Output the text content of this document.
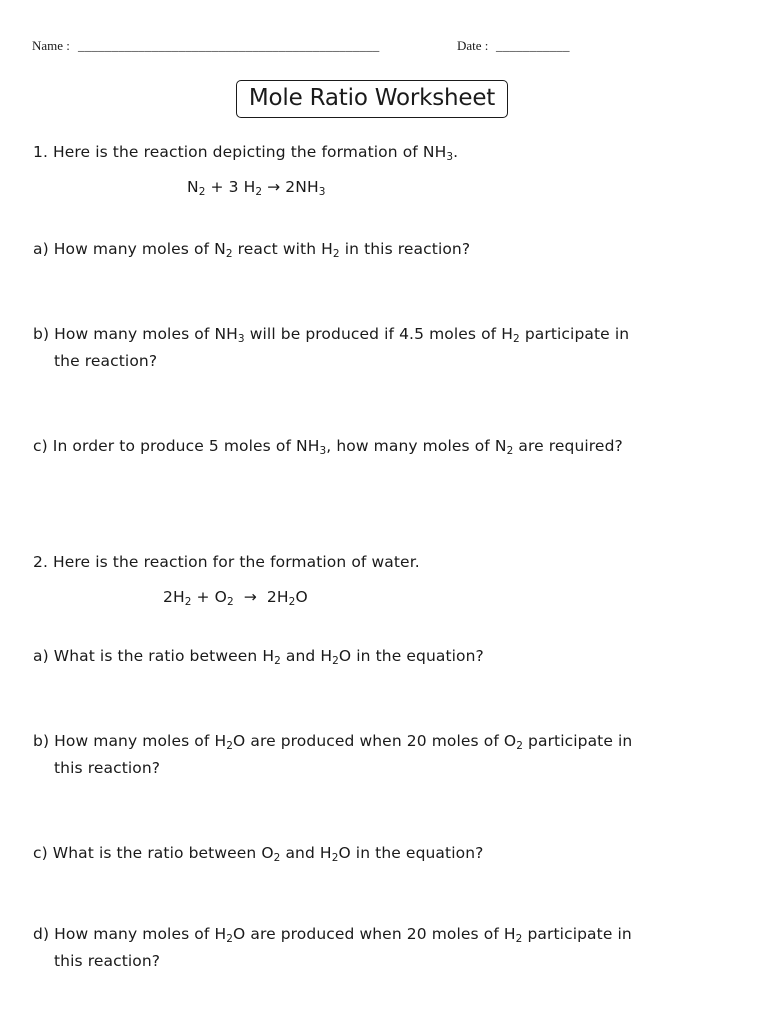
Name : _____________________________________________	Date : ___________
Mole Ratio Worksheet
1. Here is the reaction depicting the formation of $NH_3$.
$N_2 + 3$ $H_2 \to 2NH_3$
a) How many moles of $N_2$ react with $H_2$ in this reaction?
b) How many moles of $NH_3$ will be produced if 4.5 moles of $H_2$ participate in
the reaction?
c) In order to produce 5 moles of $NH_3$, how many moles of $N_2$ are required?
2. Here is the reaction for the formation of water.
$2H_2 + O_2 \to 2H_2O$
a) What is the ratio between $H_2$ and $H_2O$ in the equation?
b) How many moles of $H_2O$ are produced when 20 moles of $O_2$ participate in
this reaction?
c) What is the ratio between $O_2$ and $H_2O$ in the equation?
d) How many moles of $H_2O$ are produced when 20 moles of $H_2$ participate in
this reaction?
